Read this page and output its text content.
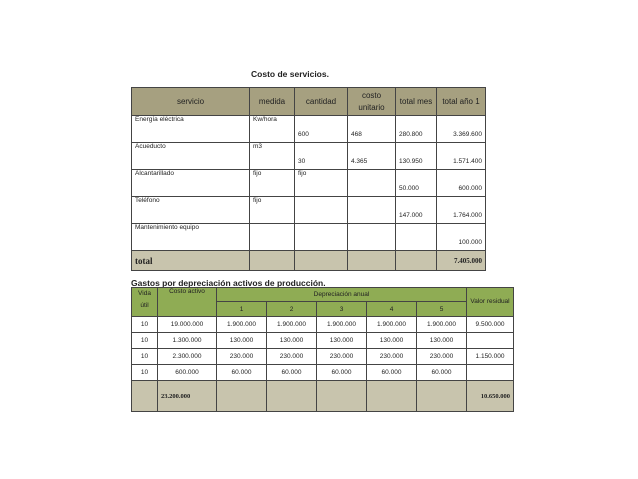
Costo de servicios.
servicio	medida	cantidad	costo unitario	total mes	total año 1
Energía eléctrica	Kw/hora	600	468	280.800	3.369.600
Acueducto	m3	30	4.365	130.950	1.571.400
Alcantarillado	fijo	fijo		50.000	600.000
Teléfono	fijo			147.000	1.764.000
Mantenimiento equipo					100.000
total					7.405.000
Gastos por depreciación activos de producción.
Vida útil	Costo activo	Depreciación anual					Valor residual
		1	2	3	4	5	
10	19.000.000	1.900.000	1.900.000	1.900.000	1.900.000	1.900.000	9.500.000
10	1.300.000	130.000	130.000	130.000	130.000	130.000	
10	2.300.000	230.000	230.000	230.000	230.000	230.000	1.150.000
10	600.000	60.000	60.000	60.000	60.000	60.000	
	23.200.000						10.650.000
